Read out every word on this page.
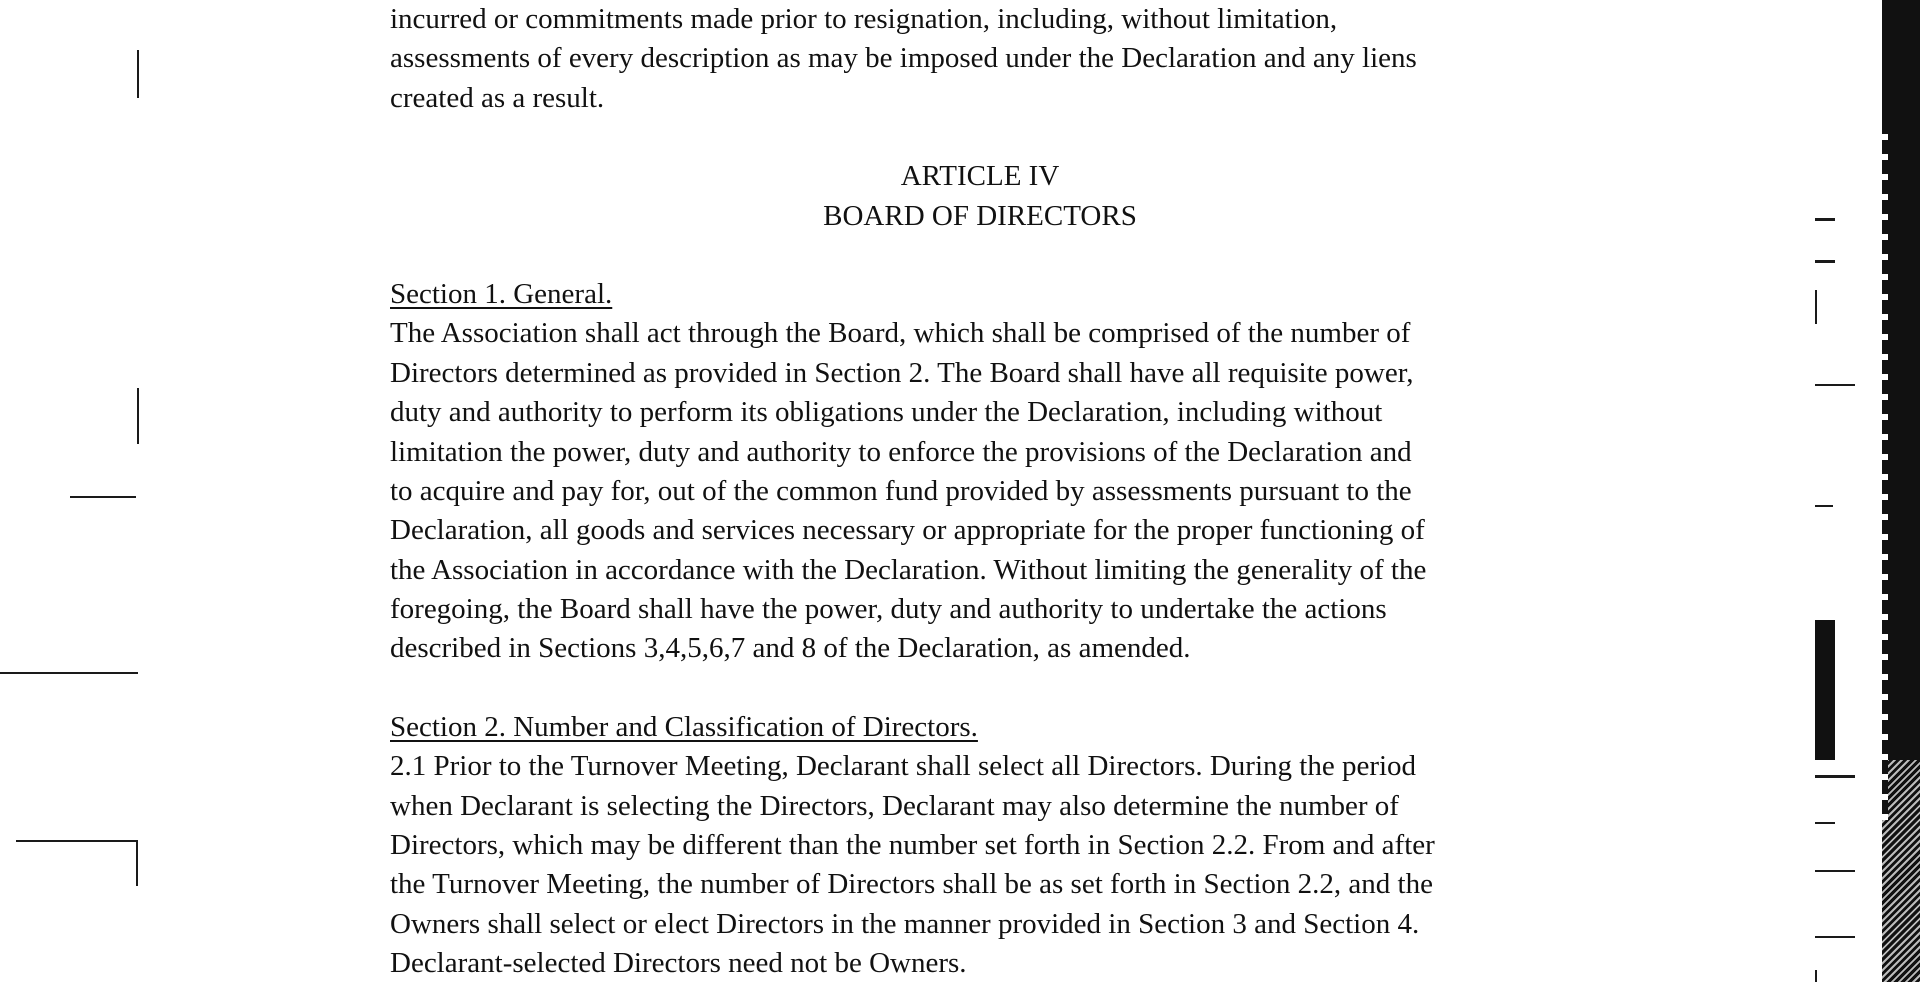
incurred or commitments made prior to resignation, including, without limitation,
assessments of every description as may be imposed under the Declaration and any liens
created as a result.
ARTICLE IV
BOARD OF DIRECTORS
Section 1. General.
The Association shall act through the Board, which shall be comprised of the number of
Directors determined as provided in Section 2. The Board shall have all requisite power,
duty and authority to perform its obligations under the Declaration, including without
limitation the power, duty and authority to enforce the provisions of the Declaration and
to acquire and pay for, out of the common fund provided by assessments pursuant to the
Declaration, all goods and services necessary or appropriate for the proper functioning of
the Association in accordance with the Declaration. Without limiting the generality of the
foregoing, the Board shall have the power, duty and authority to undertake the actions
described in Sections 3,4,5,6,7 and 8 of the Declaration, as amended.
Section 2. Number and Classification of Directors.
2.1 Prior to the Turnover Meeting, Declarant shall select all Directors. During the period
when Declarant is selecting the Directors, Declarant may also determine the number of
Directors, which may be different than the number set forth in Section 2.2. From and after
the Turnover Meeting, the number of Directors shall be as set forth in Section 2.2, and the
Owners shall select or elect Directors in the manner provided in Section 3 and Section 4.
Declarant-selected Directors need not be Owners.
